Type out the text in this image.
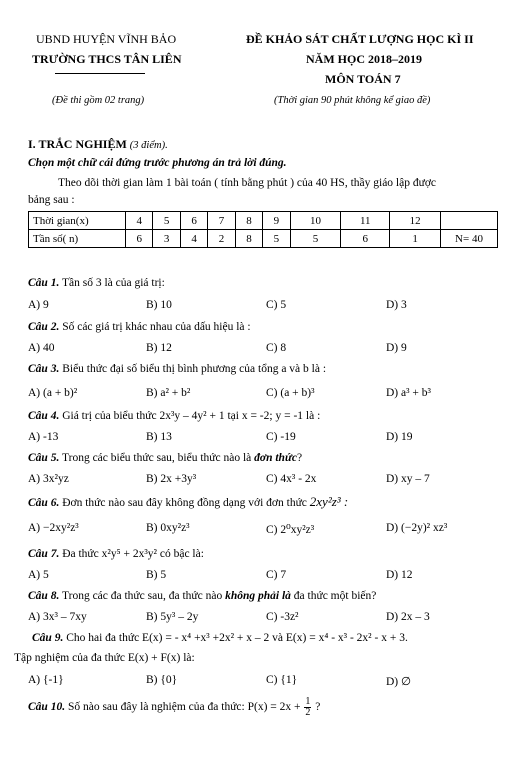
UBND HUYỆN VĨNH BẢO
TRƯỜNG THCS TÂN LIÊN
(Đề thi gồm 02 trang)
ĐỀ KHẢO SÁT CHẤT LƯỢNG HỌC KÌ II
NĂM HỌC 2018–2019
MÔN TOÁN 7
(Thời gian 90 phút không kể giao đề)
I. TRẮC NGHIỆM (3 điểm).
Chọn một chữ cái đứng trước phương án trả lời đúng.
Theo dõi thời gian làm 1 bài toán ( tính bằng phút ) của 40 HS, thầy giáo lập được
bảng sau :
Thời gian(x)	4	5	6	7	8	9	10	11	12	
Tần số( n)	6	3	4	2	8	5	5	6	1	N= 40
Câu 1. Tần số 3 là của giá trị:
A) 9	B) 10	C) 5	D) 3
Câu 2. Số các giá trị khác nhau của dấu hiệu là :
A) 40	B) 12	C) 8	D) 9
Câu 3. Biểu thức đại số biểu thị bình phương của tổng a và b là :
A) (a + b)²	B) a² + b²	C) (a + b)³	D) a³ + b³
Câu 4. Giá trị của biểu thức 2x³y – 4y² + 1 tại x = -2; y = -1 là :
A) -13	B) 13	C) -19	D) 19
Câu 5. Trong các biểu thức sau, biểu thức nào là đơn thức?
A) 3x²yz	B) 2x +3y³	C) 4x³ - 2x	D) xy – 7
Câu 6. Đơn thức nào sau đây không đồng dạng với đơn thức 2xy²z³ :
A) −2xy²z³	B) 0xy²z³	C) 2⁰xy²z³	D) (−2y)² xz³
Câu 7. Đa thức x²y⁵ + 2x³y² có bậc là:
A) 5	B) 5	C) 7	D) 12
Câu 8. Trong các đa thức sau, đa thức nào không phải là đa thức một biến?
A) 3x³ – 7xy	B) 5y³ – 2y	C) -3z²	D) 2x – 3
Câu 9. Cho hai đa thức E(x) = - x⁴ +x³ +2x² + x – 2 và E(x) = x⁴ - x³ - 2x² - x + 3.
Tập nghiệm của đa thức E(x) + F(x) là:
A) {-1}	B) {0}	C) {1}	D) ∅
Câu 10. Số nào sau đây là nghiệm của đa thức: $P(x) = 2x + \frac{1}{2}$ ?
